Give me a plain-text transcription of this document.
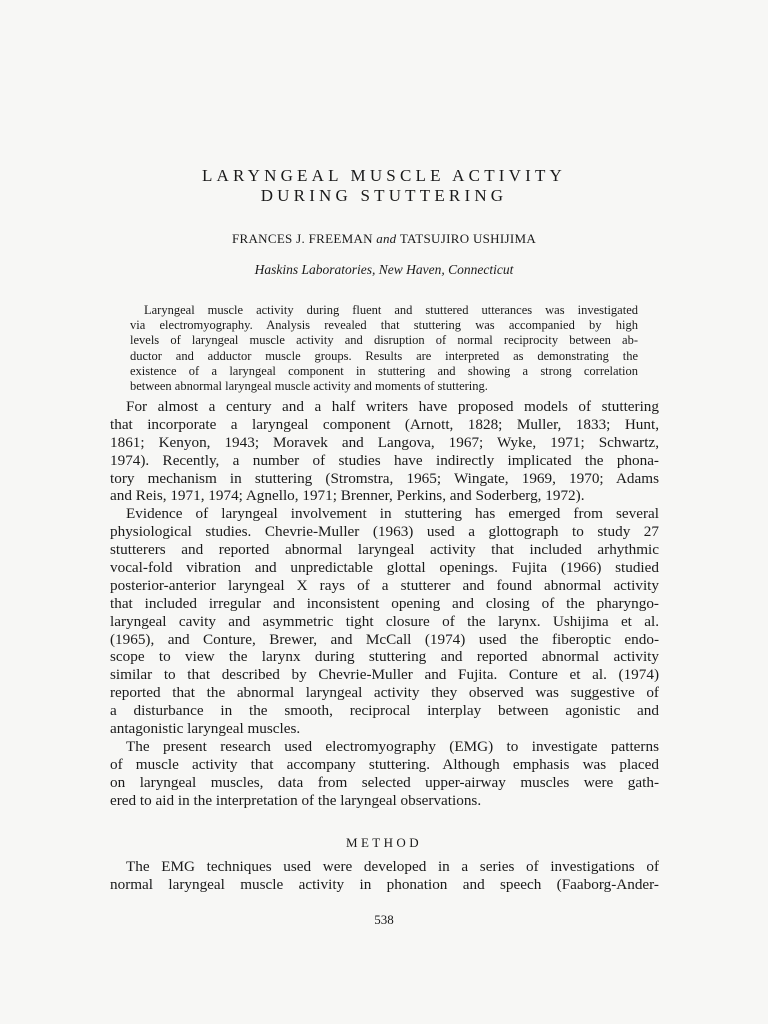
LARYNGEAL MUSCLE ACTIVITY
DURING STUTTERING
FRANCES J. FREEMAN and TATSUJIRO USHIJIMA
Haskins Laboratories, New Haven, Connecticut
Laryngeal muscle activity during fluent and stuttered utterances was investigated
via electromyography. Analysis revealed that stuttering was accompanied by high
levels of laryngeal muscle activity and disruption of normal reciprocity between ab-
ductor and adductor muscle groups. Results are interpreted as demonstrating the
existence of a laryngeal component in stuttering and showing a strong correlation
between abnormal laryngeal muscle activity and moments of stuttering.
For almost a century and a half writers have proposed models of stuttering
that incorporate a laryngeal component (Arnott, 1828; Muller, 1833; Hunt,
1861; Kenyon, 1943; Moravek and Langova, 1967; Wyke, 1971; Schwartz,
1974). Recently, a number of studies have indirectly implicated the phona-
tory mechanism in stuttering (Stromstra, 1965; Wingate, 1969, 1970; Adams
and Reis, 1971, 1974; Agnello, 1971; Brenner, Perkins, and Soderberg, 1972).
Evidence of laryngeal involvement in stuttering has emerged from several
physiological studies. Chevrie-Muller (1963) used a glottograph to study 27
stutterers and reported abnormal laryngeal activity that included arhythmic
vocal-fold vibration and unpredictable glottal openings. Fujita (1966) studied
posterior-anterior laryngeal X rays of a stutterer and found abnormal activity
that included irregular and inconsistent opening and closing of the pharyngo-
laryngeal cavity and asymmetric tight closure of the larynx. Ushijima et al.
(1965), and Conture, Brewer, and McCall (1974) used the fiberoptic endo-
scope to view the larynx during stuttering and reported abnormal activity
similar to that described by Chevrie-Muller and Fujita. Conture et al. (1974)
reported that the abnormal laryngeal activity they observed was suggestive of
a disturbance in the smooth, reciprocal interplay between agonistic and
antagonistic laryngeal muscles.
The present research used electromyography (EMG) to investigate patterns
of muscle activity that accompany stuttering. Although emphasis was placed
on laryngeal muscles, data from selected upper-airway muscles were gath-
ered to aid in the interpretation of the laryngeal observations.
METHOD
The EMG techniques used were developed in a series of investigations of
normal laryngeal muscle activity in phonation and speech (Faaborg-Ander-
538
